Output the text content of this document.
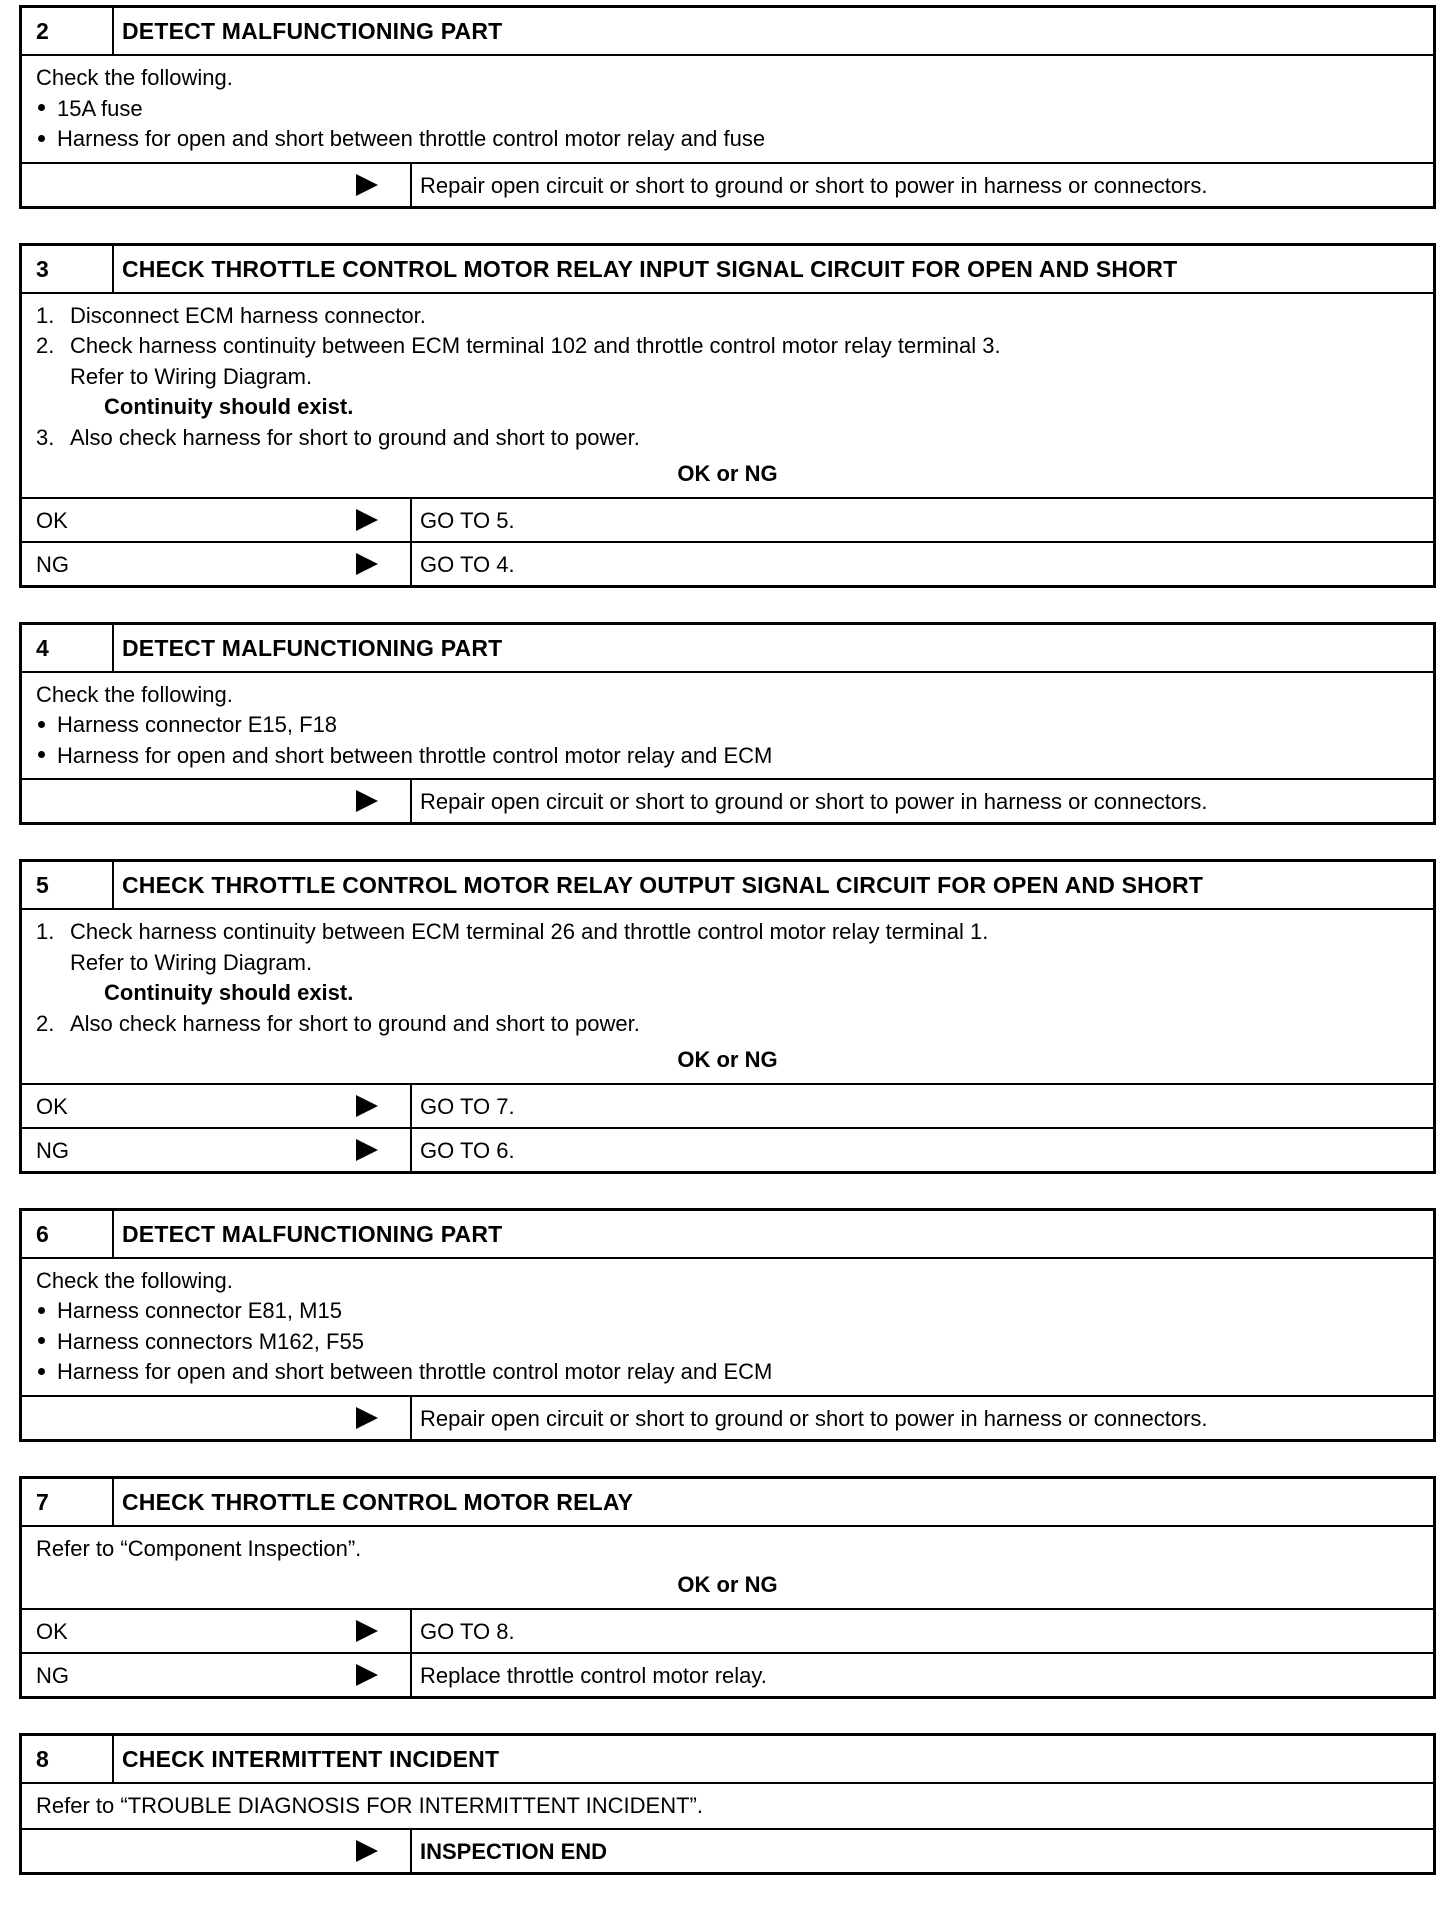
2	DETECT MALFUNCTIONING PART
Check the following.
15A fuse
Harness for open and short between throttle control motor relay and fuse
Repair open circuit or short to ground or short to power in harness or connectors.
3	CHECK THROTTLE CONTROL MOTOR RELAY INPUT SIGNAL CIRCUIT FOR OPEN AND SHORT
1. Disconnect ECM harness connector.
2. Check harness continuity between ECM terminal 102 and throttle control motor relay terminal 3.
Refer to Wiring Diagram.
Continuity should exist.
3. Also check harness for short to ground and short to power.
OK or NG
OK	GO TO 5.
NG	GO TO 4.
4	DETECT MALFUNCTIONING PART
Check the following.
Harness connector E15, F18
Harness for open and short between throttle control motor relay and ECM
Repair open circuit or short to ground or short to power in harness or connectors.
5	CHECK THROTTLE CONTROL MOTOR RELAY OUTPUT SIGNAL CIRCUIT FOR OPEN AND SHORT
1. Check harness continuity between ECM terminal 26 and throttle control motor relay terminal 1.
Refer to Wiring Diagram.
Continuity should exist.
2. Also check harness for short to ground and short to power.
OK or NG
OK	GO TO 7.
NG	GO TO 6.
6	DETECT MALFUNCTIONING PART
Check the following.
Harness connector E81, M15
Harness connectors M162, F55
Harness for open and short between throttle control motor relay and ECM
Repair open circuit or short to ground or short to power in harness or connectors.
7	CHECK THROTTLE CONTROL MOTOR RELAY
Refer to “Component Inspection”.
OK or NG
OK	GO TO 8.
NG	Replace throttle control motor relay.
8	CHECK INTERMITTENT INCIDENT
Refer to “TROUBLE DIAGNOSIS FOR INTERMITTENT INCIDENT”.
INSPECTION END
